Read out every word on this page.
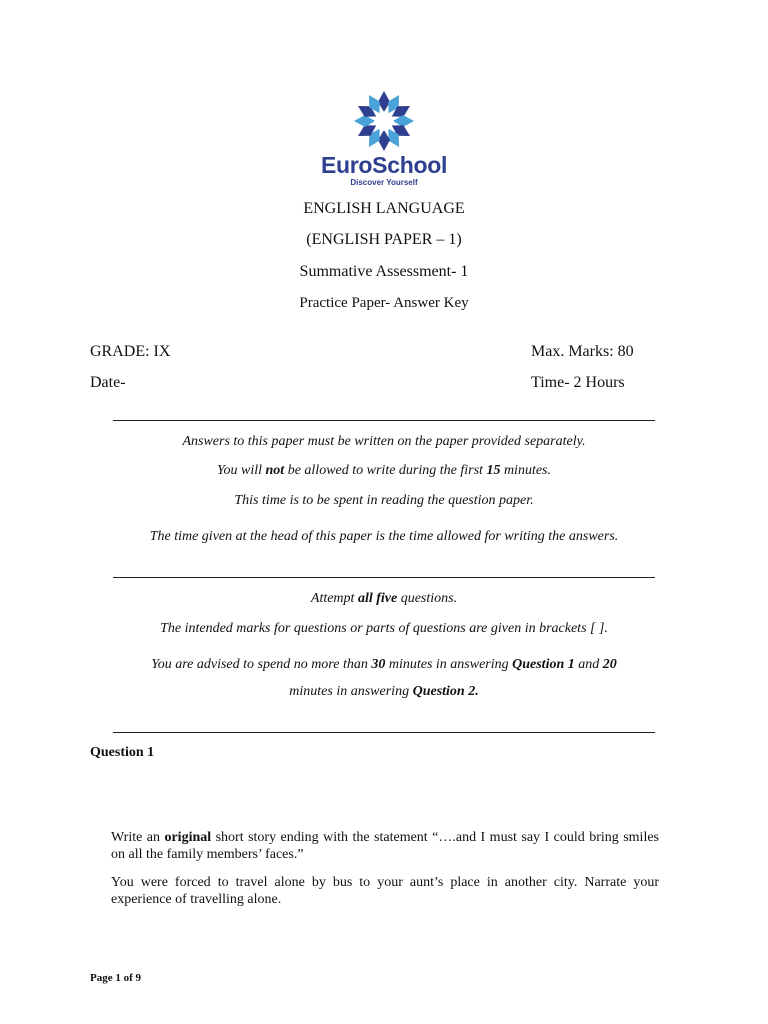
EuroSchool
Discover Yourself
ENGLISH LANGUAGE
(ENGLISH PAPER – 1)
Summative Assessment- 1
Practice Paper- Answer Key
GRADE: IX	Max. Marks: 80
Date-	Time- 2 Hours
Answers to this paper must be written on the paper provided separately.
You will not be allowed to write during the first 15 minutes.
This time is to be spent in reading the question paper.
The time given at the head of this paper is the time allowed for writing the answers.
Attempt all five questions.
The intended marks for questions or parts of questions are given in brackets [ ].
You are advised to spend no more than 30 minutes in answering Question 1 and 20
minutes in answering Question 2.
Question 1
Write an original short story ending with the statement “….and I must say I could bring smiles on all the family members’ faces.”
You were forced to travel alone by bus to your aunt’s place in another city. Narrate your experience of travelling alone.
Page 1 of 9
